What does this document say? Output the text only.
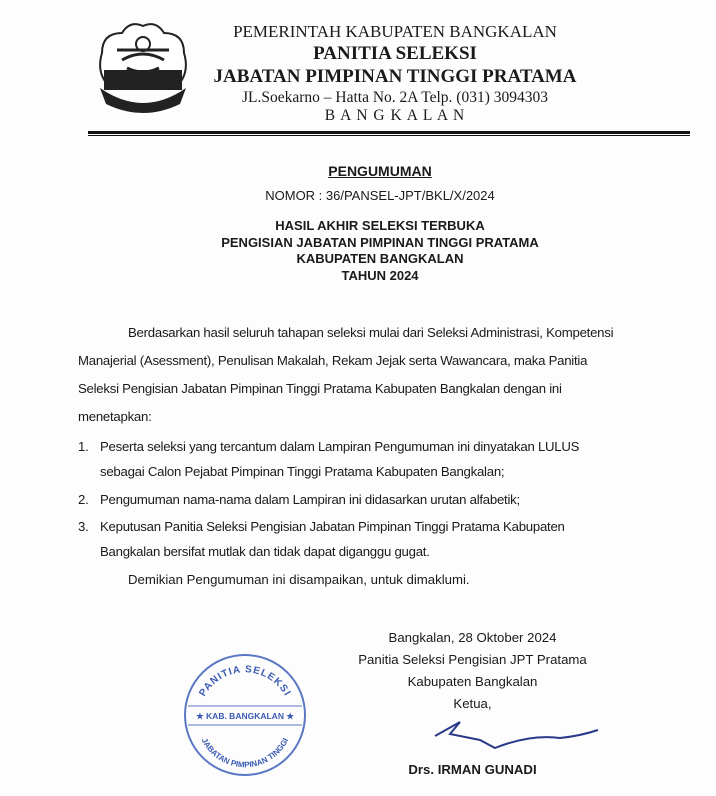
PEMERINTAH KABUPATEN BANGKALAN
PANITIA SELEKSI
JABATAN PIMPINAN TINGGI PRATAMA
JL.Soekarno – Hatta No. 2A Telp. (031) 3094303
B A N G K A L A N
PENGUMUMAN
NOMOR : 36/PANSEL-JPT/BKL/X/2024
HASIL AKHIR SELEKSI TERBUKA
PENGISIAN JABATAN PIMPINAN TINGGI PRATAMA
KABUPATEN BANGKALAN
TAHUN 2024
Berdasarkan hasil seluruh tahapan seleksi mulai dari Seleksi Administrasi, Kompetensi
Manajerial (Asessment), Penulisan Makalah, Rekam Jejak serta Wawancara, maka Panitia
Seleksi Pengisian Jabatan Pimpinan Tinggi Pratama Kabupaten Bangkalan dengan ini
menetapkan:
1. Peserta seleksi yang tercantum dalam Lampiran Pengumuman ini dinyatakan LULUS
sebagai Calon Pejabat Pimpinan Tinggi Pratama Kabupaten Bangkalan;
2. Pengumuman nama-nama dalam Lampiran ini didasarkan urutan alfabetik;
3. Keputusan Panitia Seleksi Pengisian Jabatan Pimpinan Tinggi Pratama Kabupaten
Bangkalan bersifat mutlak dan tidak dapat diganggu gugat.
Demikian Pengumuman ini disampaikan, untuk dimaklumi.
PANITIA SELEKSI
★ KAB. BANGKALAN ★
JABATAN PIMPINAN TINGGI
Bangkalan, 28 Oktober 2024
Panitia Seleksi Pengisian JPT Pratama
Kabupaten Bangkalan
Ketua,
Drs. IRMAN GUNADI
